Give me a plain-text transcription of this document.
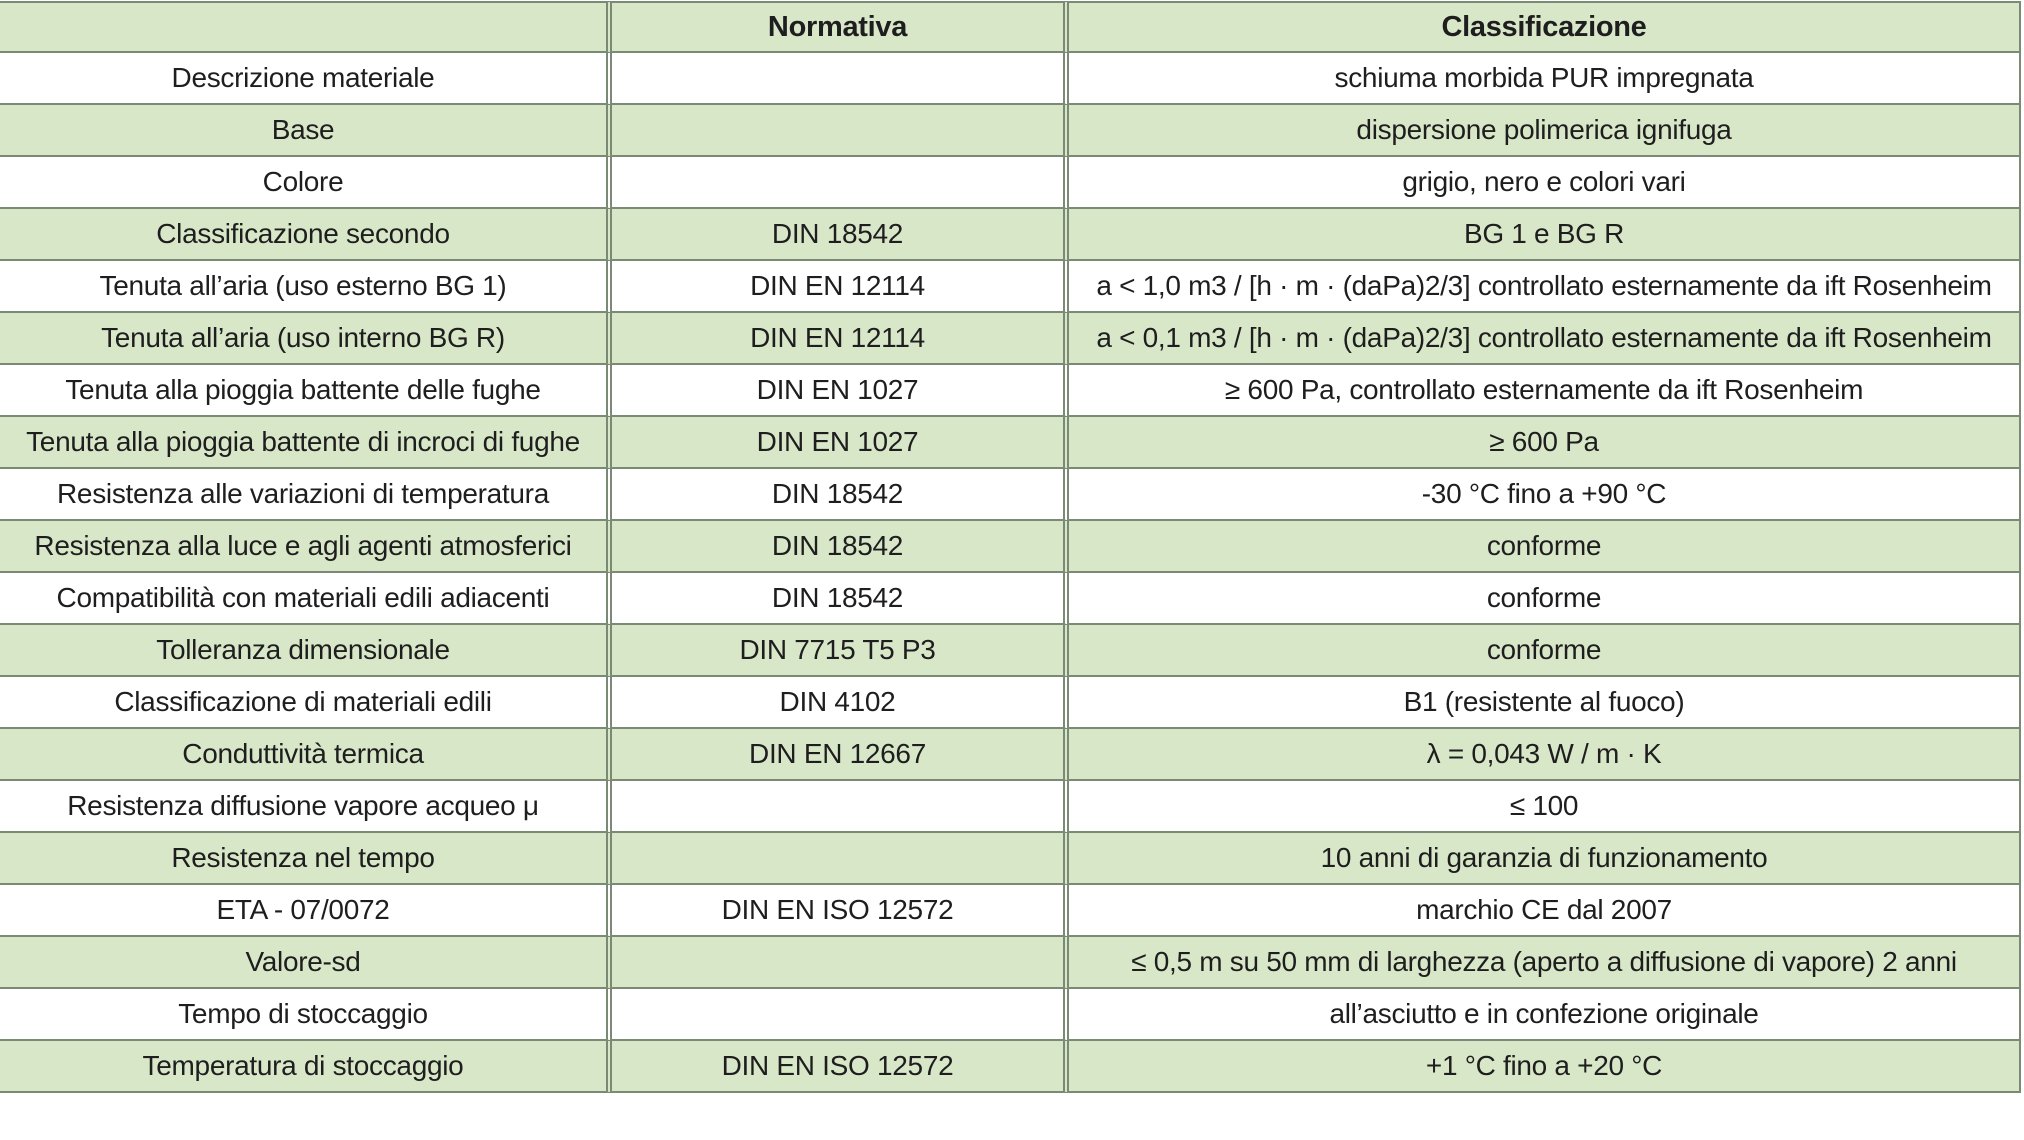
	Normativa	Classificazione
Descrizione materiale		schiuma morbida PUR impregnata
Base		dispersione polimerica ignifuga
Colore		grigio, nero e colori vari
Classificazione secondo	DIN 18542	BG 1 e BG R
Tenuta all’aria (uso esterno BG 1)	DIN EN 12114	a < 1,0 m3 / [h · m · (daPa)2/3] controllato esternamente da ift Rosenheim
Tenuta all’aria (uso interno BG R)	DIN EN 12114	a < 0,1 m3 / [h · m · (daPa)2/3] controllato esternamente da ift Rosenheim
Tenuta alla pioggia battente delle fughe	DIN EN 1027	≥ 600 Pa, controllato esternamente da ift Rosenheim
Tenuta alla pioggia battente di incroci di fughe	DIN EN 1027	≥ 600 Pa
Resistenza alle variazioni di temperatura	DIN 18542	-30 °C fino a +90 °C
Resistenza alla luce e agli agenti atmosferici	DIN 18542	conforme
Compatibilità con materiali edili adiacenti	DIN 18542	conforme
Tolleranza dimensionale	DIN 7715 T5 P3	conforme
Classificazione di materiali edili	DIN 4102	B1 (resistente al fuoco)
Conduttività termica	DIN EN 12667	λ = 0,043 W / m · K
Resistenza diffusione vapore acqueo μ		≤ 100
Resistenza nel tempo		10 anni di garanzia di funzionamento
ETA - 07/0072	DIN EN ISO 12572	marchio CE dal 2007
Valore-sd		≤ 0,5 m su 50 mm di larghezza (aperto a diffusione di vapore) 2 anni
Tempo di stoccaggio		all’asciutto e in confezione originale
Temperatura di stoccaggio	DIN EN ISO 12572	+1 °C fino a +20 °C
